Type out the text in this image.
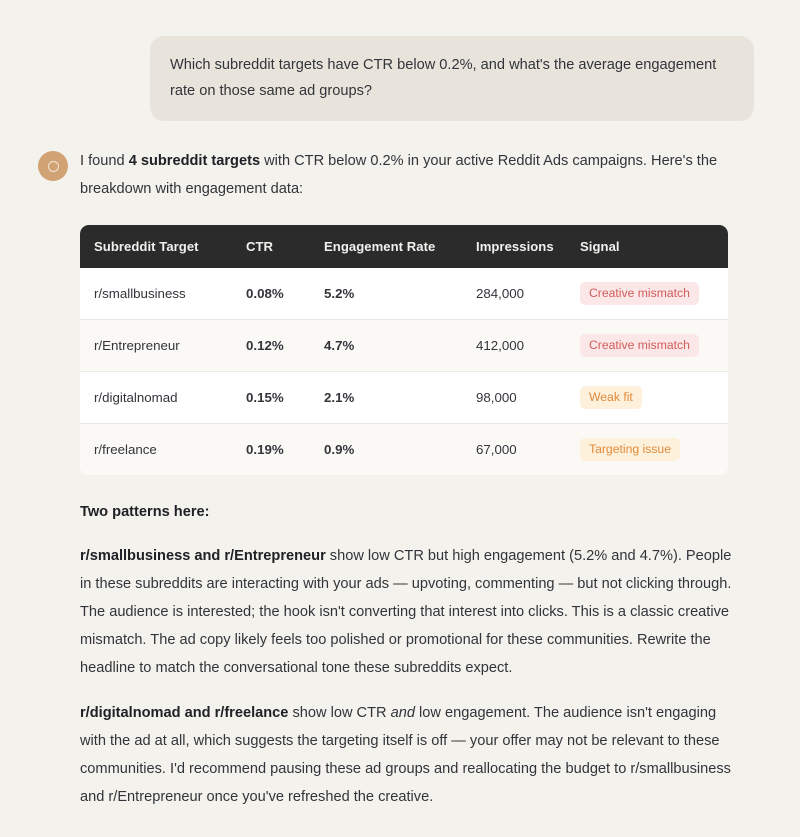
Which subreddit targets have CTR below 0.2%, and what's the average engagement rate on those same ad groups?

I found 4 subreddit targets with CTR below 0.2% in your active Reddit Ads campaigns. Here's the breakdown with engagement data:

Subreddit Target	CTR	Engagement Rate	Impressions	Signal
r/smallbusiness	0.08%	5.2%	284,000	Creative mismatch
r/Entrepreneur	0.12%	4.7%	412,000	Creative mismatch
r/digitalnomad	0.15%	2.1%	98,000	Weak fit
r/freelance	0.19%	0.9%	67,000	Targeting issue

Two patterns here:

r/smallbusiness and r/Entrepreneur show low CTR but high engagement (5.2% and 4.7%). People in these subreddits are interacting with your ads — upvoting, commenting — but not clicking through. The audience is interested; the hook isn't converting that interest into clicks. This is a classic creative mismatch. The ad copy likely feels too polished or promotional for these communities. Rewrite the headline to match the conversational tone these subreddits expect.

r/digitalnomad and r/freelance show low CTR and low engagement. The audience isn't engaging with the ad at all, which suggests the targeting itself is off — your offer may not be relevant to these communities. I'd recommend pausing these ad groups and reallocating the budget to r/smallbusiness and r/Entrepreneur once you've refreshed the creative.
